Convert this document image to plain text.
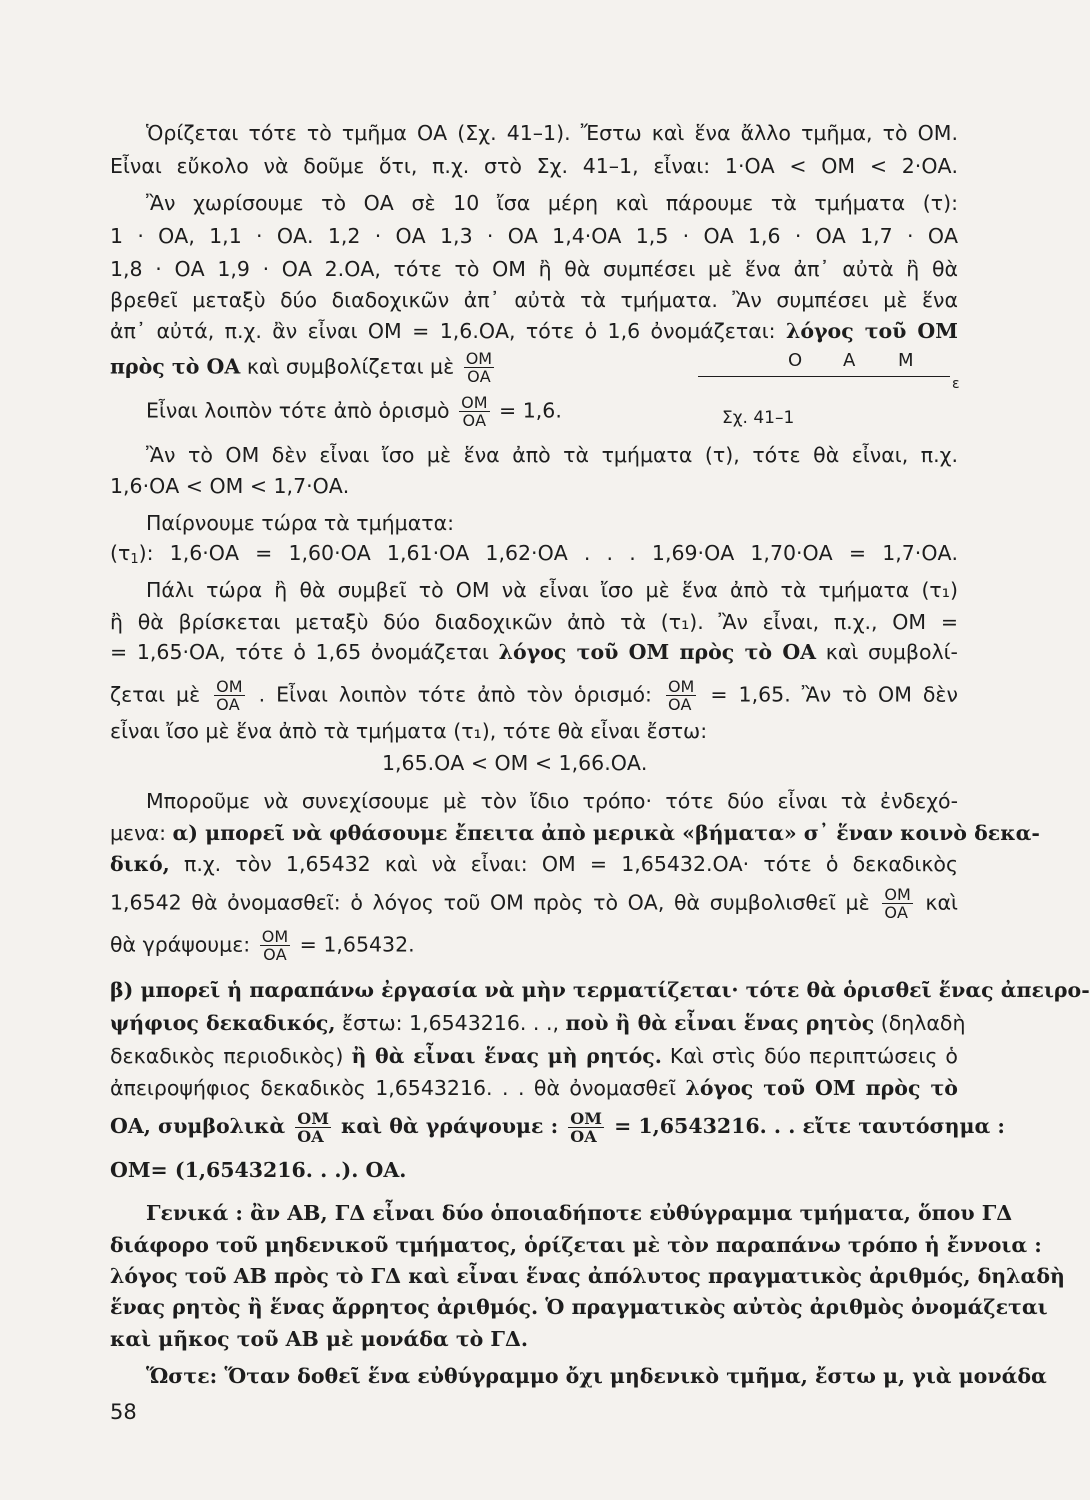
Ὁρίζεται τότε τὸ τμῆμα ΟΑ (Σχ. 41–1). Ἔστω καὶ ἕνα ἄλλο τμῆμα, τὸ ΟΜ.
Εἶναι εὔκολο νὰ δοῦμε ὅτι, π.χ. στὸ Σχ. 41–1, εἶναι: 1·ΟΑ < ΟΜ < 2·ΟΑ.
Ἂν χωρίσουμε τὸ ΟΑ σὲ 10 ἴσα μέρη καὶ πάρουμε τὰ τμήματα (τ):
1 · ΟΑ, 1,1 · ΟΑ. 1,2 · ΟΑ 1,3 · ΟΑ 1,4·ΟΑ 1,5 · ΟΑ 1,6 · ΟΑ 1,7 · ΟΑ
1,8 · ΟΑ 1,9 · ΟΑ 2.ΟΑ, τότε τὸ ΟΜ ἢ θὰ συμπέσει μὲ ἕνα ἀπ᾽ αὐτὰ ἢ θὰ
βρεθεῖ μεταξὺ δύο διαδοχικῶν ἀπ᾽ αὐτὰ τὰ τμήματα. Ἂν συμπέσει μὲ ἕνα
ἀπ᾽ αὐτά, π.χ. ἂν εἶναι ΟΜ = 1,6.ΟΑ, τότε ὁ 1,6 ὀνομάζεται: λόγος τοῦ ΟΜ
πρὸς τὸ ΟΑ καὶ συμβολίζεται μὲ $\frac{OM}{OA}$
Εἶναι λοιπὸν τότε ἀπὸ ὁρισμὸ $\frac{OM}{OA} = 1,6$.
Ο Α Μ
ε
Σχ. 41–1
Ἂν τὸ ΟΜ δὲν εἶναι ἴσο μὲ ἕνα ἀπὸ τὰ τμήματα (τ), τότε θὰ εἶναι, π.χ.
1,6·ΟΑ < ΟΜ < 1,7·ΟΑ.
Παίρνουμε τώρα τὰ τμήματα:
$(\tau_1)$: 1,6·ΟΑ = 1,60·ΟΑ 1,61·ΟΑ 1,62·ΟΑ . . . 1,69·ΟΑ 1,70·ΟΑ = 1,7·ΟΑ.
Πάλι τώρα ἢ θὰ συμβεῖ τὸ ΟΜ νὰ εἶναι ἴσο μὲ ἕνα ἀπὸ τὰ τμήματα (τ₁)
ἢ θὰ βρίσκεται μεταξὺ δύο διαδοχικῶν ἀπὸ τὰ (τ₁). Ἂν εἶναι, π.χ., ΟΜ =
= 1,65·ΟΑ, τότε ὁ 1,65 ὀνομάζεται λόγος τοῦ ΟΜ πρὸς τὸ ΟΑ καὶ συμβολί-
ζεται μὲ $\frac{OM}{OA}$ . Εἶναι λοιπὸν τότε ἀπὸ τὸν ὁρισμό: $\frac{OM}{OA} = 1,65$. Ἂν τὸ ΟΜ δὲν
εἶναι ἴσο μὲ ἕνα ἀπὸ τὰ τμήματα (τ₁), τότε θὰ εἶναι ἔστω:
1,65.ΟΑ < ΟΜ < 1,66.ΟΑ.
Μποροῦμε νὰ συνεχίσουμε μὲ τὸν ἴδιο τρόπο· τότε δύο εἶναι τὰ ἐνδεχό-
μενα: α) μπορεῖ νὰ φθάσουμε ἔπειτα ἀπὸ μερικὰ «βήματα» σ᾽ ἕναν κοινὸ δεκα-
δικό, π.χ. τὸν 1,65432 καὶ νὰ εἶναι: ΟΜ = 1,65432.ΟΑ· τότε ὁ δεκαδικὸς
1,6542 θὰ ὀνομασθεῖ: ὁ λόγος τοῦ ΟΜ πρὸς τὸ ΟΑ, θὰ συμβολισθεῖ μὲ $\frac{OM}{OA}$ καὶ
θὰ γράψουμε: $\frac{OM}{OA} = 1,65432$.
β) μπορεῖ ἡ παραπάνω ἐργασία νὰ μὴν τερματίζεται· τότε θὰ ὁρισθεῖ ἕνας ἀπειρο-
ψήφιος δεκαδικός, ἔστω: 1,6543216. . ., ποὺ ἢ θὰ εἶναι ἕνας ρητὸς (δηλαδὴ
δεκαδικὸς περιοδικὸς) ἢ θὰ εἶναι ἕνας μὴ ρητός. Καὶ στὶς δύο περιπτώσεις ὁ
ἀπειροψήφιος δεκαδικὸς 1,6543216. . . θὰ ὀνομασθεῖ λόγος τοῦ ΟΜ πρὸς τὸ
ΟΑ, συμβολικὰ $\frac{OM}{OA}$ καὶ θὰ γράψουμε : $\frac{OM}{OA} = 1,6543216$. . . εἴτε ταυτόσημα :
ΟΜ= (1,6543216. . .). ΟΑ.
Γενικά : ἂν ΑΒ, ΓΔ εἶναι δύο ὁποιαδήποτε εὐθύγραμμα τμήματα, ὅπου ΓΔ
διάφορο τοῦ μηδενικοῦ τμήματος, ὁρίζεται μὲ τὸν παραπάνω τρόπο ἡ ἔννοια :
λόγος τοῦ ΑΒ πρὸς τὸ ΓΔ καὶ εἶναι ἕνας ἀπόλυτος πραγματικὸς ἀριθμός, δηλαδὴ
ἕνας ρητὸς ἢ ἕνας ἄρρητος ἀριθμός. Ὁ πραγματικὸς αὐτὸς ἀριθμὸς ὀνομάζεται
καὶ μῆκος τοῦ ΑΒ μὲ μονάδα τὸ ΓΔ.
Ὥστε: Ὅταν δοθεῖ ἕνα εὐθύγραμμο ὄχι μηδενικὸ τμῆμα, ἔστω μ, γιὰ μονάδα
58
